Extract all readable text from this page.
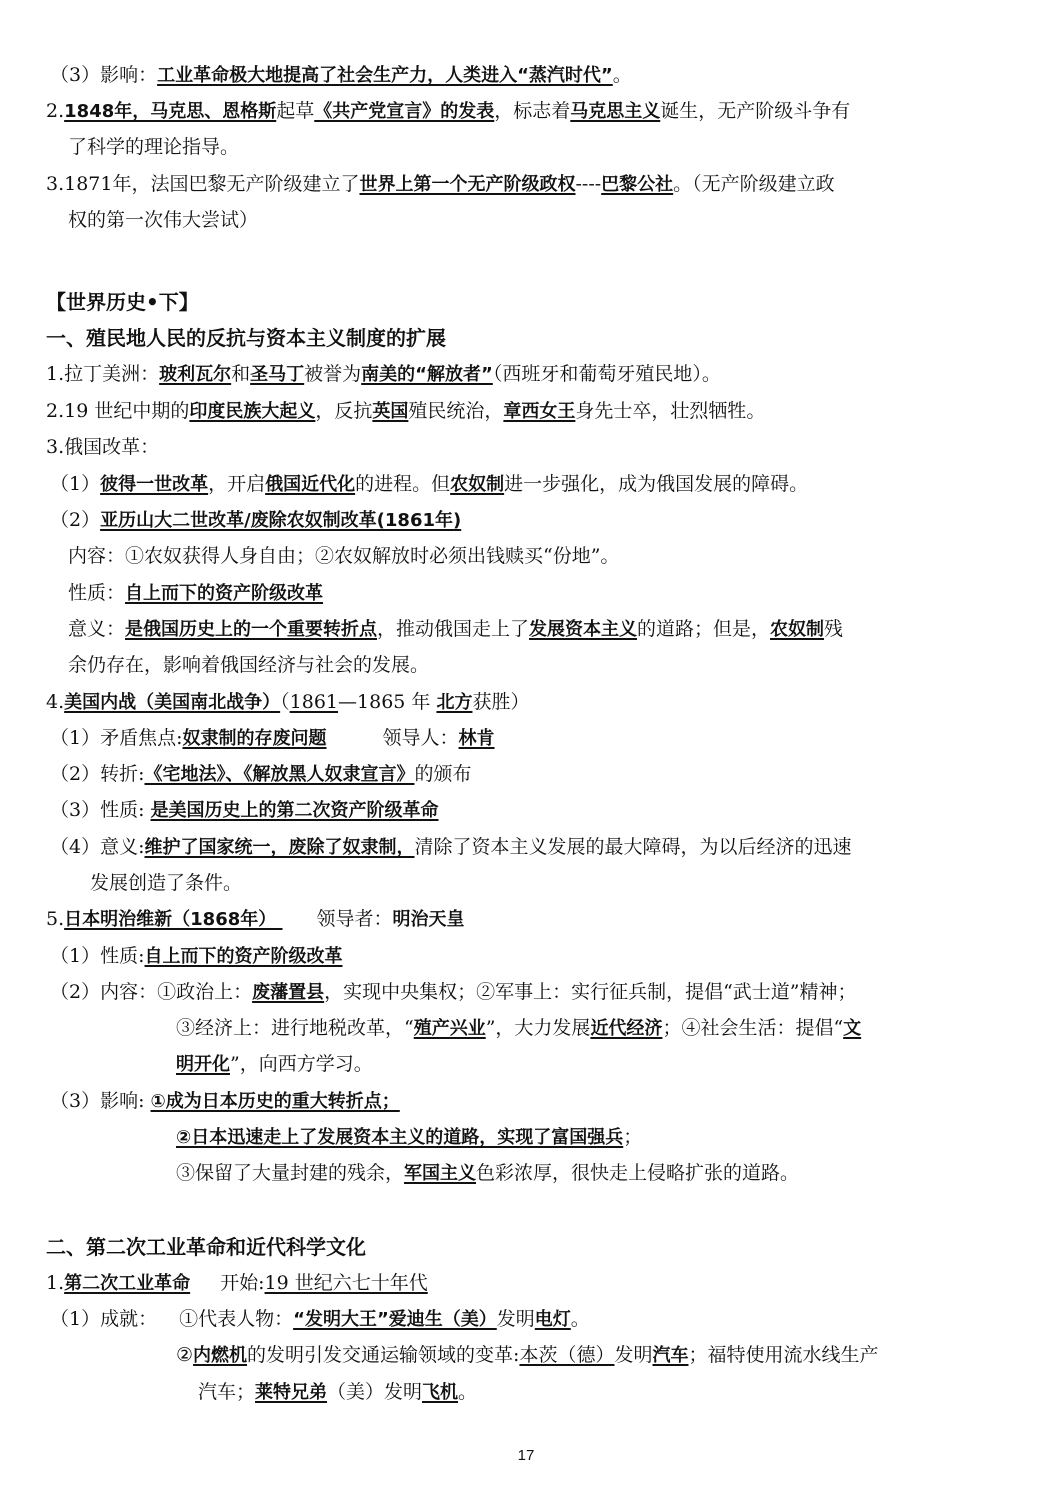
（3）影响：工业革命极大地提高了社会生产力，人类进入“蒸汽时代”。
2.1848年，马克思、恩格斯起草《共产党宣言》的发表，标志着马克思主义诞生，无产阶级斗争有
了科学的理论指导。
3.1871年，法国巴黎无产阶级建立了世界上第一个无产阶级政权----巴黎公社。（无产阶级建立政
权的第一次伟大尝试）
【世界历史•下】
一、殖民地人民的反抗与资本主义制度的扩展
1.拉丁美洲：玻利瓦尔和圣马丁被誉为南美的“解放者”（西班牙和葡萄牙殖民地）。
2.19 世纪中期的印度民族大起义，反抗英国殖民统治，章西女王身先士卒，壮烈牺牲。
3.俄国改革：
（1）彼得一世改革，开启俄国近代化的进程。但农奴制进一步强化，成为俄国发展的障碍。
（2）亚历山大二世改革/废除农奴制改革(1861年)
内容：①农奴获得人身自由；②农奴解放时必须出钱赎买“份地”。
性质：自上而下的资产阶级改革
意义：是俄国历史上的一个重要转折点，推动俄国走上了发展资本主义的道路；但是，农奴制残
余仍存在，影响着俄国经济与社会的发展。
4.美国内战（美国南北战争）（1861—1865 年 北方获胜）
（1）矛盾焦点:奴隶制的存废问题	领导人：林肯
（2）转折:《宅地法》、《解放黑人奴隶宣言》的颁布
（3）性质: 是美国历史上的第二次资产阶级革命
（4）意义:维护了国家统一，废除了奴隶制，清除了资本主义发展的最大障碍，为以后经济的迅速
发展创造了条件。
5.日本明治维新（1868年） 领导者：明治天皇
（1）性质:自上而下的资产阶级改革
（2）内容：①政治上：废藩置县，实现中央集权；②军事上：实行征兵制，提倡“武士道”精神；
③经济上：进行地税改革，“殖产兴业”，大力发展近代经济；④社会生活：提倡“文
明开化”，向西方学习。
（3）影响: ①成为日本历史的重大转折点；
②日本迅速走上了发展资本主义的道路，实现了富国强兵；
③保留了大量封建的残余，军国主义色彩浓厚，很快走上侵略扩张的道路。
二、第二次工业革命和近代科学文化
1.第二次工业革命 开始:19 世纪六七十年代
（1）成就： ①代表人物：“发明大王”爱迪生（美）发明电灯。
②内燃机的发明引发交通运输领域的变革:本茨（德）发明汽车；福特使用流水线生产
汽车；莱特兄弟（美）发明飞机。
17
